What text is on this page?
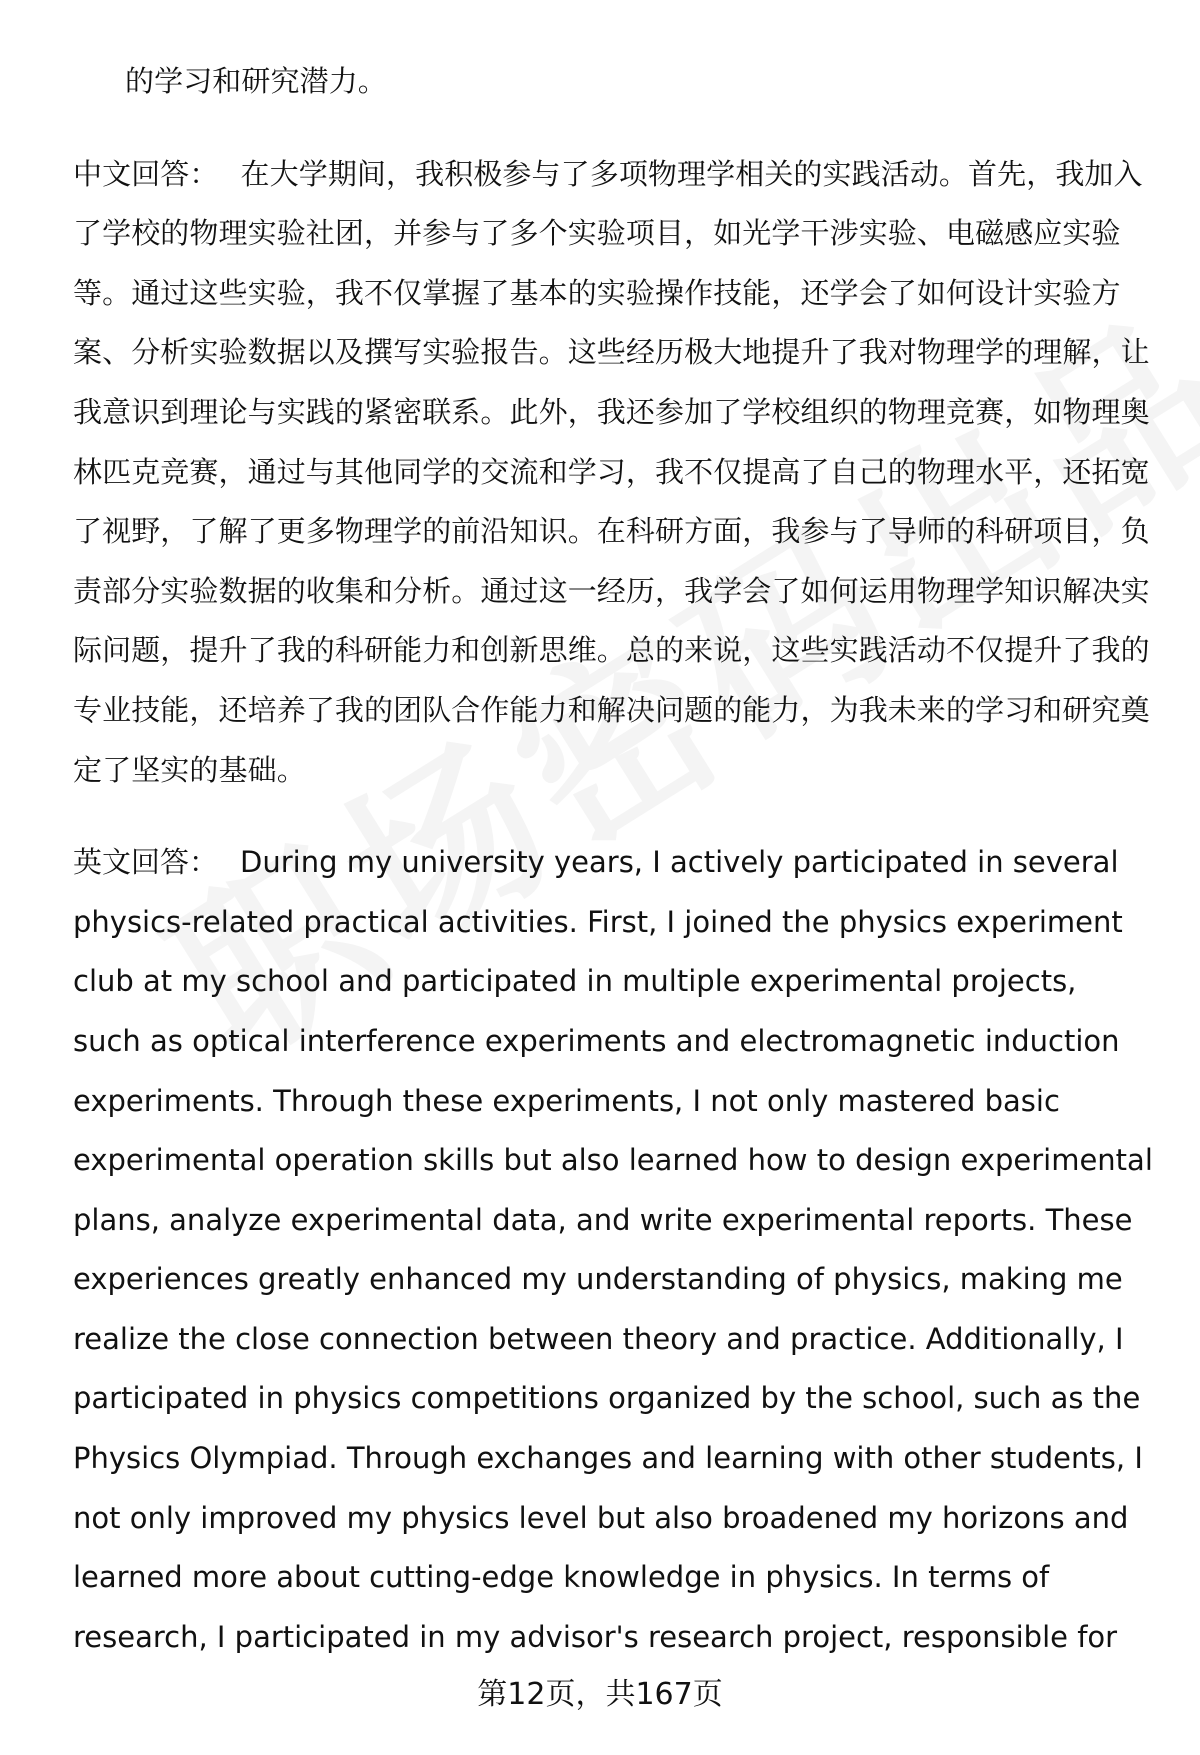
的学习和研究潜力。

中文回答： 在大学期间，我积极参与了多项物理学相关的实践活动。首先，我加入了学校的物理实验社团，并参与了多个实验项目，如光学干涉实验、电磁感应实验等。通过这些实验，我不仅掌握了基本的实验操作技能，还学会了如何设计实验方案、分析实验数据以及撰写实验报告。这些经历极大地提升了我对物理学的理解，让我意识到理论与实践的紧密联系。此外，我还参加了学校组织的物理竞赛，如物理奥林匹克竞赛，通过与其他同学的交流和学习，我不仅提高了自己的物理水平，还拓宽了视野，了解了更多物理学的前沿知识。在科研方面，我参与了导师的科研项目，负责部分实验数据的收集和分析。通过这一经历，我学会了如何运用物理学知识解决实际问题，提升了我的科研能力和创新思维。总的来说，这些实践活动不仅提升了我的专业技能，还培养了我的团队合作能力和解决问题的能力，为我未来的学习和研究奠定了坚实的基础。

英文回答： During my university years, I actively participated in several physics-related practical activities. First, I joined the physics experiment club at my school and participated in multiple experimental projects, such as optical interference experiments and electromagnetic induction experiments. Through these experiments, I not only mastered basic experimental operation skills but also learned how to design experimental plans, analyze experimental data, and write experimental reports. These experiences greatly enhanced my understanding of physics, making me realize the close connection between theory and practice. Additionally, I participated in physics competitions organized by the school, such as the Physics Olympiad. Through exchanges and learning with other students, I not only improved my physics level but also broadened my horizons and learned more about cutting-edge knowledge in physics. In terms of research, I participated in my advisor's research project, responsible for

第12页，共167页
